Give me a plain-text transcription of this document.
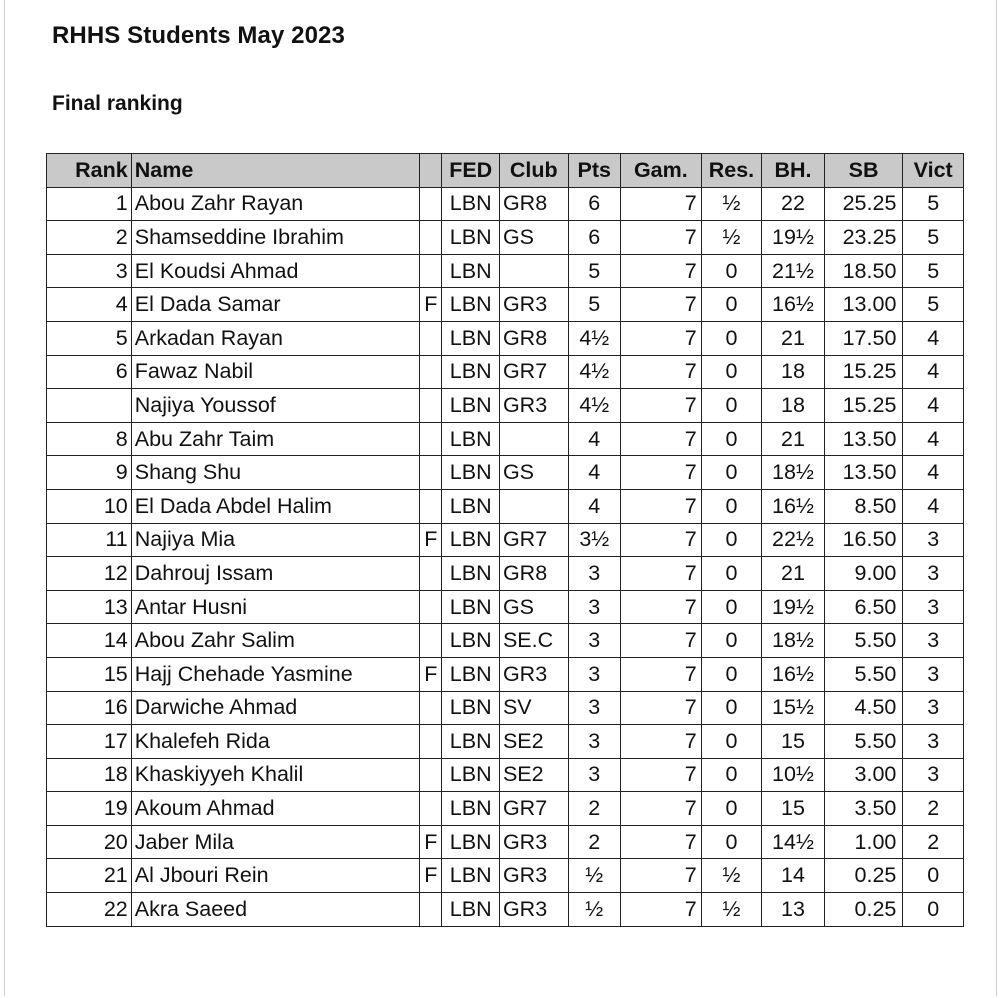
RHHS Students May 2023
Final ranking
Rank	Name		FED	Club	Pts	Gam.	Res.	BH.	SB	Vict
1	Abou Zahr Rayan		LBN	GR8	6	7	½	22	25.25	5
2	Shamseddine Ibrahim		LBN	GS	6	7	½	19½	23.25	5
3	El Koudsi Ahmad		LBN		5	7	0	21½	18.50	5
4	El Dada Samar	F	LBN	GR3	5	7	0	16½	13.00	5
5	Arkadan Rayan		LBN	GR8	4½	7	0	21	17.50	4
6	Fawaz Nabil		LBN	GR7	4½	7	0	18	15.25	4
	Najiya Youssof		LBN	GR3	4½	7	0	18	15.25	4
8	Abu Zahr Taim		LBN		4	7	0	21	13.50	4
9	Shang Shu		LBN	GS	4	7	0	18½	13.50	4
10	El Dada Abdel Halim		LBN		4	7	0	16½	8.50	4
11	Najiya Mia	F	LBN	GR7	3½	7	0	22½	16.50	3
12	Dahrouj Issam		LBN	GR8	3	7	0	21	9.00	3
13	Antar Husni		LBN	GS	3	7	0	19½	6.50	3
14	Abou Zahr Salim		LBN	SE.C	3	7	0	18½	5.50	3
15	Hajj Chehade Yasmine	F	LBN	GR3	3	7	0	16½	5.50	3
16	Darwiche Ahmad		LBN	SV	3	7	0	15½	4.50	3
17	Khalefeh Rida		LBN	SE2	3	7	0	15	5.50	3
18	Khaskiyyeh Khalil		LBN	SE2	3	7	0	10½	3.00	3
19	Akoum Ahmad		LBN	GR7	2	7	0	15	3.50	2
20	Jaber Mila	F	LBN	GR3	2	7	0	14½	1.00	2
21	Al Jbouri Rein	F	LBN	GR3	½	7	½	14	0.25	0
22	Akra Saeed		LBN	GR3	½	7	½	13	0.25	0
